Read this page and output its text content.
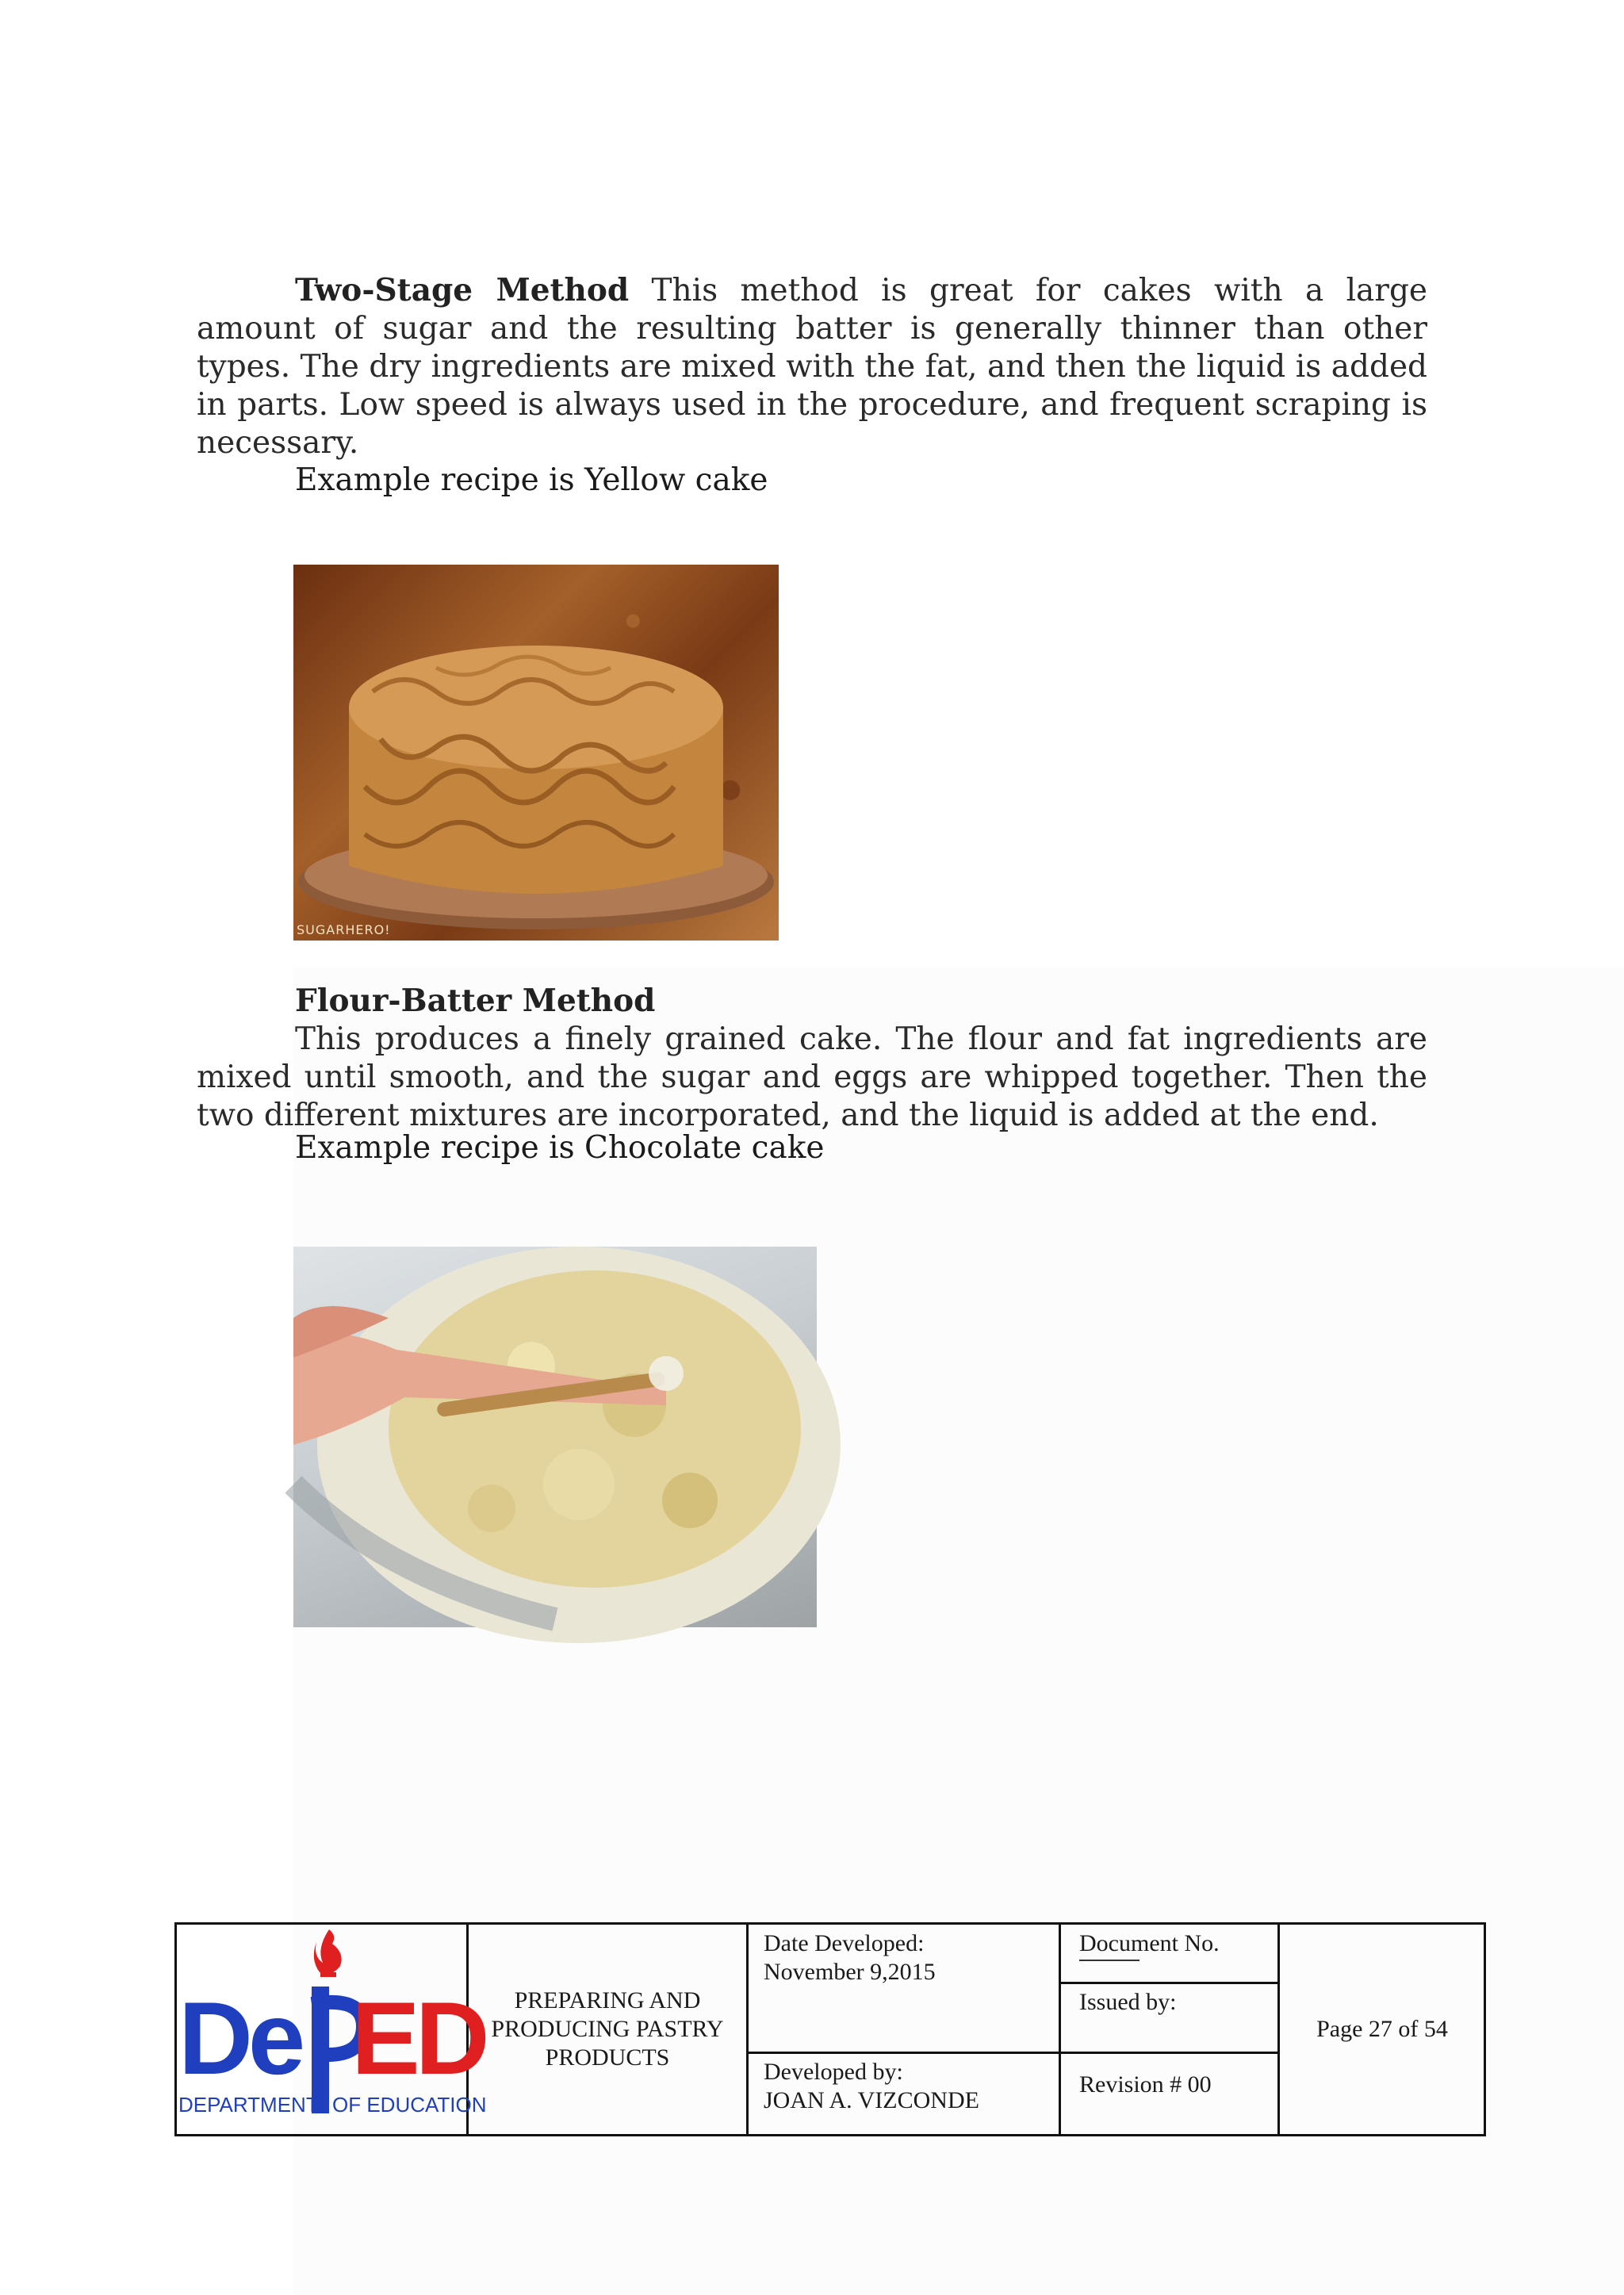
Two-Stage Method This method is great for cakes with a large amount of sugar and the resulting batter is generally thinner than other types. The dry ingredients are mixed with the fat, and then the liquid is added in parts. Low speed is always used in the procedure, and frequent scraping is necessary.

Example recipe is Yellow cake

SUGARHERO!

Flour-Batter Method

This produces a finely grained cake. The flour and fat ingredients are mixed until smooth, and the sugar and eggs are whipped together. Then the two different mixtures are incorporated, and the liquid is added at the end.

Example recipe is Chocolate cake

De ED
DEPARTMENT OF EDUCATION
PREPARING AND PRODUCING PASTRY PRODUCTS
Date Developed:
November 9,2015
Developed by:
JOAN A. VIZCONDE
Document No.
Issued by:
Revision # 00
Page 27 of 54
